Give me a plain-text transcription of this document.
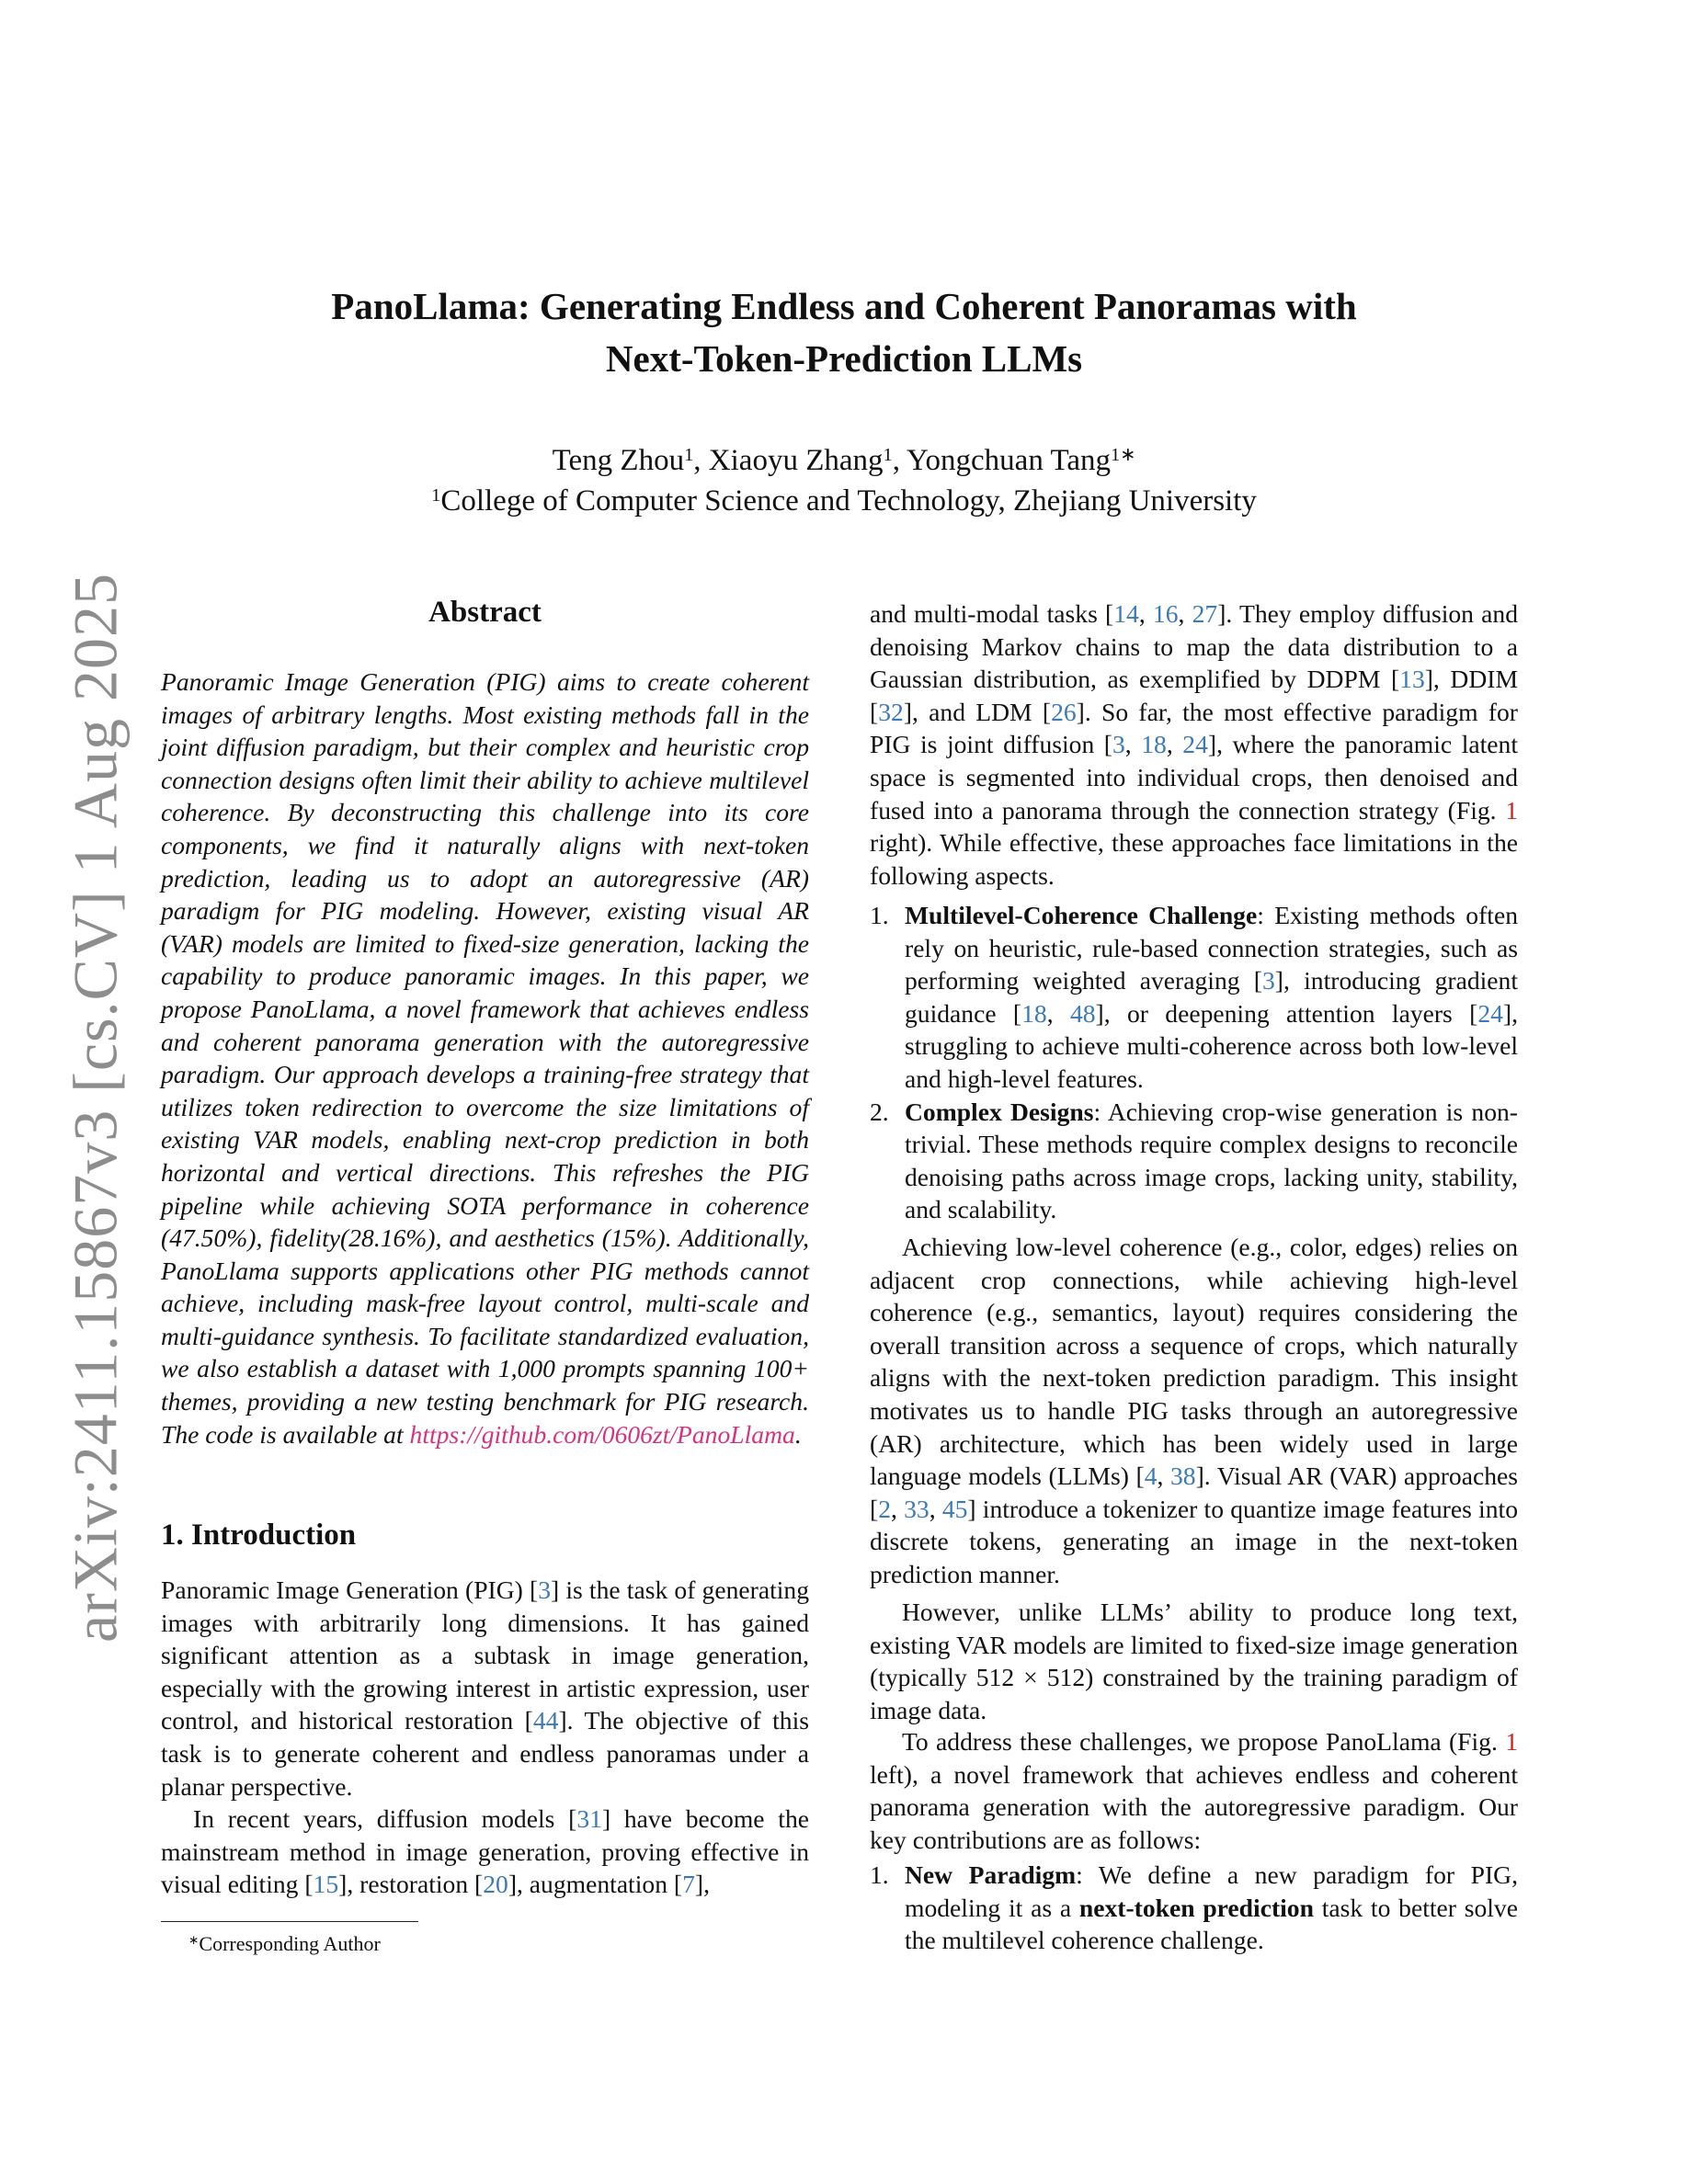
arXiv:2411.15867v3 [cs.CV] 1 Aug 2025
PanoLlama: Generating Endless and Coherent Panoramas with
Next-Token-Prediction LLMs
Teng Zhou$^1$, Xiaoyu Zhang$^1$, Yongchuan Tang$^{1∗}$
$^1$College of Computer Science and Technology, Zhejiang University
Abstract

Panoramic Image Generation (PIG) aims to create coherent images of arbitrary lengths. Most existing methods fall in the joint diffusion paradigm, but their complex and heuristic crop connection designs often limit their ability to achieve multilevel coherence. By deconstructing this challenge into its core components, we find it naturally aligns with next-token prediction, leading us to adopt an autoregressive (AR) paradigm for PIG modeling. However, existing visual AR (VAR) models are limited to fixed-size generation, lacking the capability to produce panoramic images. In this paper, we propose PanoLlama, a novel framework that achieves endless and coherent panorama generation with the autoregressive paradigm. Our approach develops a training-free strategy that utilizes token redirection to overcome the size limitations of existing VAR models, enabling next-crop prediction in both horizontal and vertical directions. This refreshes the PIG pipeline while achieving SOTA performance in coherence (47.50%), fidelity(28.16%), and aesthetics (15%). Additionally, PanoLlama supports applications other PIG methods cannot achieve, including mask-free layout control, multi-scale and multi-guidance synthesis. To facilitate standardized evaluation, we also establish a dataset with 1,000 prompts spanning 100+ themes, providing a new testing benchmark for PIG research. The code is available at https://github.com/0606zt/PanoLlama.

1. Introduction

Panoramic Image Generation (PIG) [3] is the task of generating images with arbitrarily long dimensions. It has gained significant attention as a subtask in image generation, especially with the growing interest in artistic expression, user control, and historical restoration [44]. The objective of this task is to generate coherent and endless panoramas under a planar perspective.

In recent years, diffusion models [31] have become the mainstream method in image generation, proving effective in visual editing [15], restoration [20], augmentation [7],

∗Corresponding Author

and multi-modal tasks [14, 16, 27]. They employ diffusion and denoising Markov chains to map the data distribution to a Gaussian distribution, as exemplified by DDPM [13], DDIM [32], and LDM [26]. So far, the most effective paradigm for PIG is joint diffusion [3, 18, 24], where the panoramic latent space is segmented into individual crops, then denoised and fused into a panorama through the connection strategy (Fig. 1 right). While effective, these approaches face limitations in the following aspects.

1. Multilevel-Coherence Challenge: Existing methods often rely on heuristic, rule-based connection strategies, such as performing weighted averaging [3], introducing gradient guidance [18, 48], or deepening attention layers [24], struggling to achieve multi-coherence across both low-level and high-level features.
2. Complex Designs: Achieving crop-wise generation is non-trivial. These methods require complex designs to reconcile denoising paths across image crops, lacking unity, stability, and scalability.

Achieving low-level coherence (e.g., color, edges) relies on adjacent crop connections, while achieving high-level coherence (e.g., semantics, layout) requires considering the overall transition across a sequence of crops, which naturally aligns with the next-token prediction paradigm. This insight motivates us to handle PIG tasks through an autoregressive (AR) architecture, which has been widely used in large language models (LLMs) [4, 38]. Visual AR (VAR) approaches [2, 33, 45] introduce a tokenizer to quantize image features into discrete tokens, generating an image in the next-token prediction manner.

However, unlike LLMs’ ability to produce long text, existing VAR models are limited to fixed-size image generation (typically 512 × 512) constrained by the training paradigm of image data.

To address these challenges, we propose PanoLlama (Fig. 1 left), a novel framework that achieves endless and coherent panorama generation with the autoregressive paradigm. Our key contributions are as follows:

1. New Paradigm: We define a new paradigm for PIG, modeling it as a next-token prediction task to better solve the multilevel coherence challenge.
